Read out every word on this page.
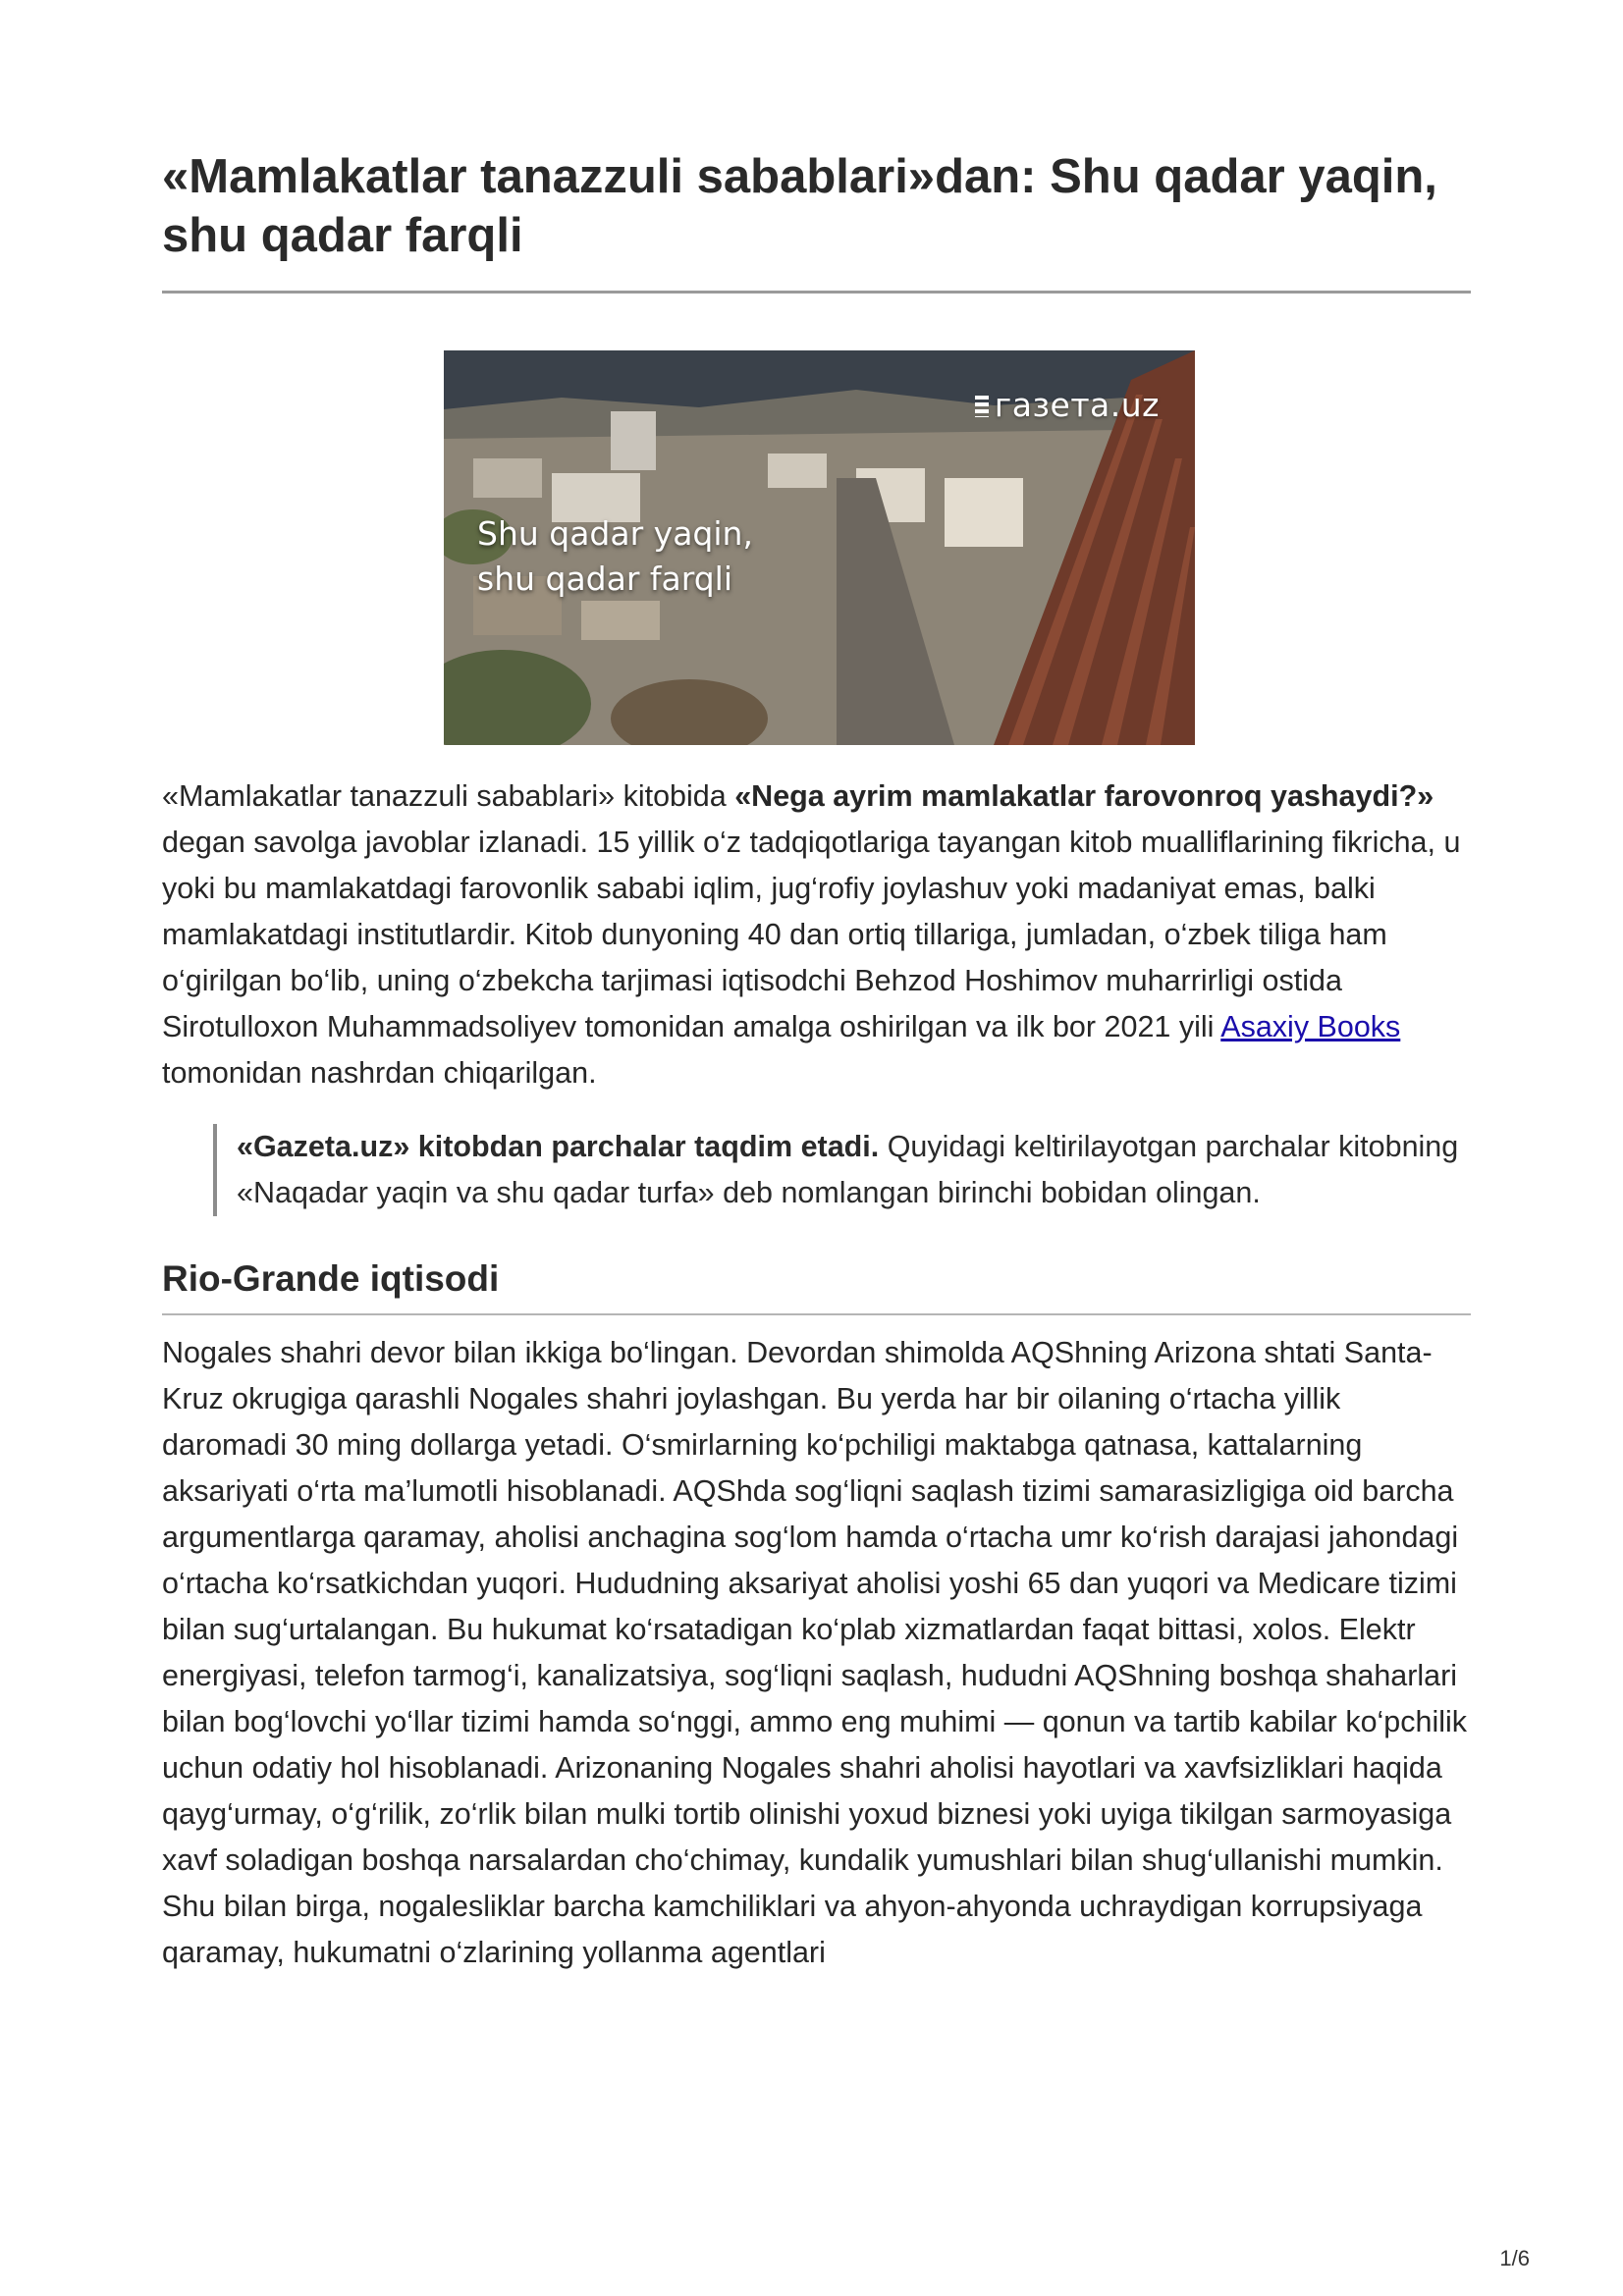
«Mamlakatlar tanazzuli sabablari»dan: Shu qadar yaqin, shu qadar farqli
газета.uz
Shu qadar yaqin, shu qadar farqli

«Mamlakatlar tanazzuli sabablari» kitobida «Nega ayrim mamlakatlar farovonroq yashaydi?» degan savolga javoblar izlanadi. 15 yillik o‘z tadqiqotlariga tayangan kitob mualliflarining fikricha, u yoki bu mamlakatdagi farovonlik sababi iqlim, jug‘rofiy joylashuv yoki madaniyat emas, balki mamlakatdagi institutlardir. Kitob dunyoning 40 dan ortiq tillariga, jumladan, o‘zbek tiliga ham o‘girilgan bo‘lib, uning o‘zbekcha tarjimasi iqtisodchi Behzod Hoshimov muharrirligi ostida Sirotulloxon Muhammadsoliyev tomonidan amalga oshirilgan va ilk bor 2021 yili Asaxiy Books tomonidan nashrdan chiqarilgan.

«Gazeta.uz» kitobdan parchalar taqdim etadi. Quyidagi keltirilayotgan parchalar kitobning «Naqadar yaqin va shu qadar turfa» deb nomlangan birinchi bobidan olingan.

Rio-Grande iqtisodi

Nogales shahri devor bilan ikkiga bo‘lingan. Devordan shimolda AQShning Arizona shtati Santa-Kruz okrugiga qarashli Nogales shahri joylashgan. Bu yerda har bir oilaning o‘rtacha yillik daromadi 30 ming dollarga yetadi. O‘smirlarning ko‘pchiligi maktabga qatnasa, kattalarning aksariyati o‘rta ma’lumotli hisoblanadi. AQShda sog‘liqni saqlash tizimi samarasizligiga oid barcha argumentlarga qaramay, aholisi anchagina sog‘lom hamda o‘rtacha umr ko‘rish darajasi jahondagi o‘rtacha ko‘rsatkichdan yuqori. Hududning aksariyat aholisi yoshi 65 dan yuqori va Medicare tizimi bilan sug‘urtalangan. Bu hukumat ko‘rsatadigan ko‘plab xizmatlardan faqat bittasi, xolos. Elektr energiyasi, telefon tarmog‘i, kanalizatsiya, sog‘liqni saqlash, hududni AQShning boshqa shaharlari bilan bog‘lovchi yo‘llar tizimi hamda so‘nggi, ammo eng muhimi — qonun va tartib kabilar ko‘pchilik uchun odatiy hol hisoblanadi. Arizonaning Nogales shahri aholisi hayotlari va xavfsizliklari haqida qayg‘urmay, o‘g‘rilik, zo‘rlik bilan mulki tortib olinishi yoxud biznesi yoki uyiga tikilgan sarmoyasiga xavf soladigan boshqa narsalardan cho‘chimay, kundalik yumushlari bilan shug‘ullanishi mumkin. Shu bilan birga, nogalesliklar barcha kamchiliklari va ahyon-ahyonda uchraydigan korrupsiyaga qaramay, hukumatni o‘zlarining yollanma agentlari

1/6
